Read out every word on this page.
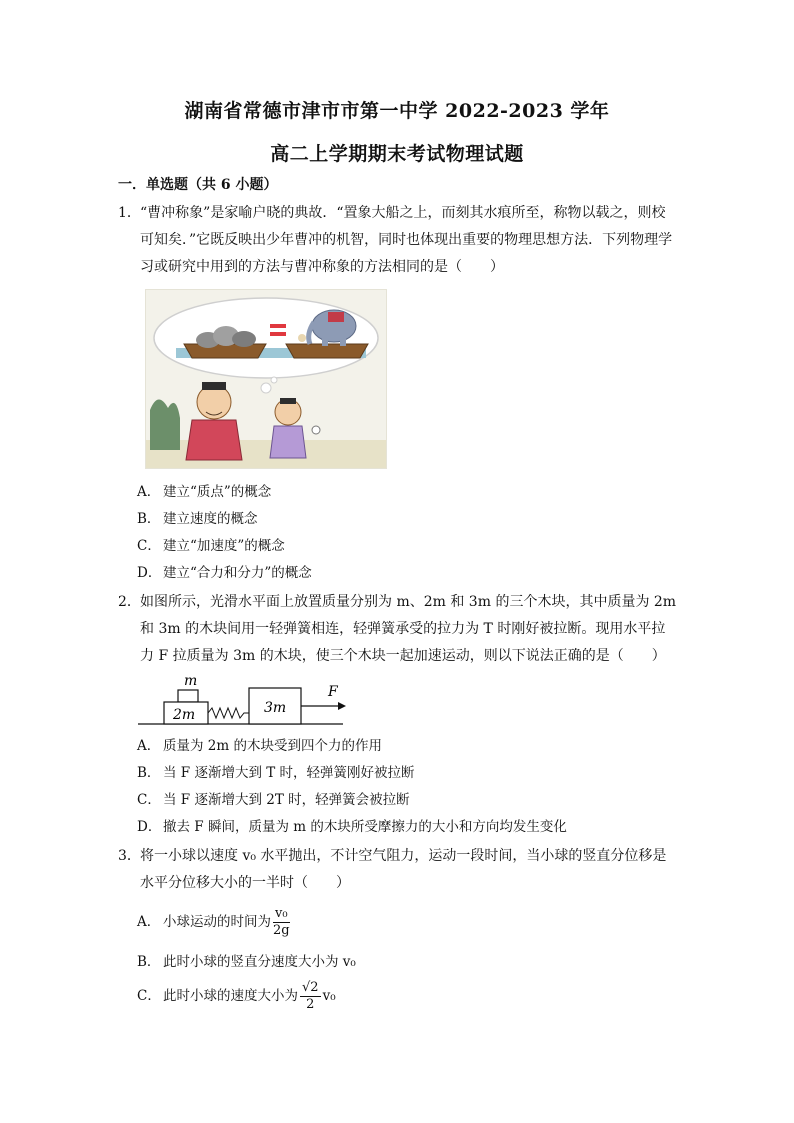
湖南省常德市津市市第一中学 2022-2023 学年
高二上学期期末考试物理试题
一．单选题（共 6 小题）
1． “曹冲称象”是家喻户晓的典故．“置象大船之上，而刻其水痕所至，称物以载之，则校可知矣．”它既反映出少年曹冲的机智，同时也体现出重要的物理思想方法．下列物理学习或研究中用到的方法与曹冲称象的方法相同的是（　　）
A． 建立“质点”的概念
B． 建立速度的概念
C． 建立“加速度”的概念
D． 建立“合力和分力”的概念
2． 如图所示，光滑水平面上放置质量分别为 m、2m 和 3m 的三个木块，其中质量为 2m 和 3m 的木块间用一轻弹簧相连，轻弹簧承受的拉力为 T 时刚好被拉断。现用水平拉力 F 拉质量为 3m 的木块，使三个木块一起加速运动，则以下说法正确的是（　　）
m
2m	3m
F
A． 质量为 2m 的木块受到四个力的作用
B． 当 F 逐渐增大到 T 时，轻弹簧刚好被拉断
C． 当 F 逐渐增大到 2T 时，轻弹簧会被拉断
D． 撤去 F 瞬间，质量为 m 的木块所受摩擦力的大小和方向均发生变化
3． 将一小球以速度 v₀ 水平抛出，不计空气阻力，运动一段时间，当小球的竖直分位移是水平分位移大小的一半时（　　）
A． 小球运动的时间为 $\frac{\text{v₀}}{2g}$
B． 此时小球的竖直分速度大小为 v₀
C． 此时小球的速度大小为 $\frac{√2}{2} v_0$
